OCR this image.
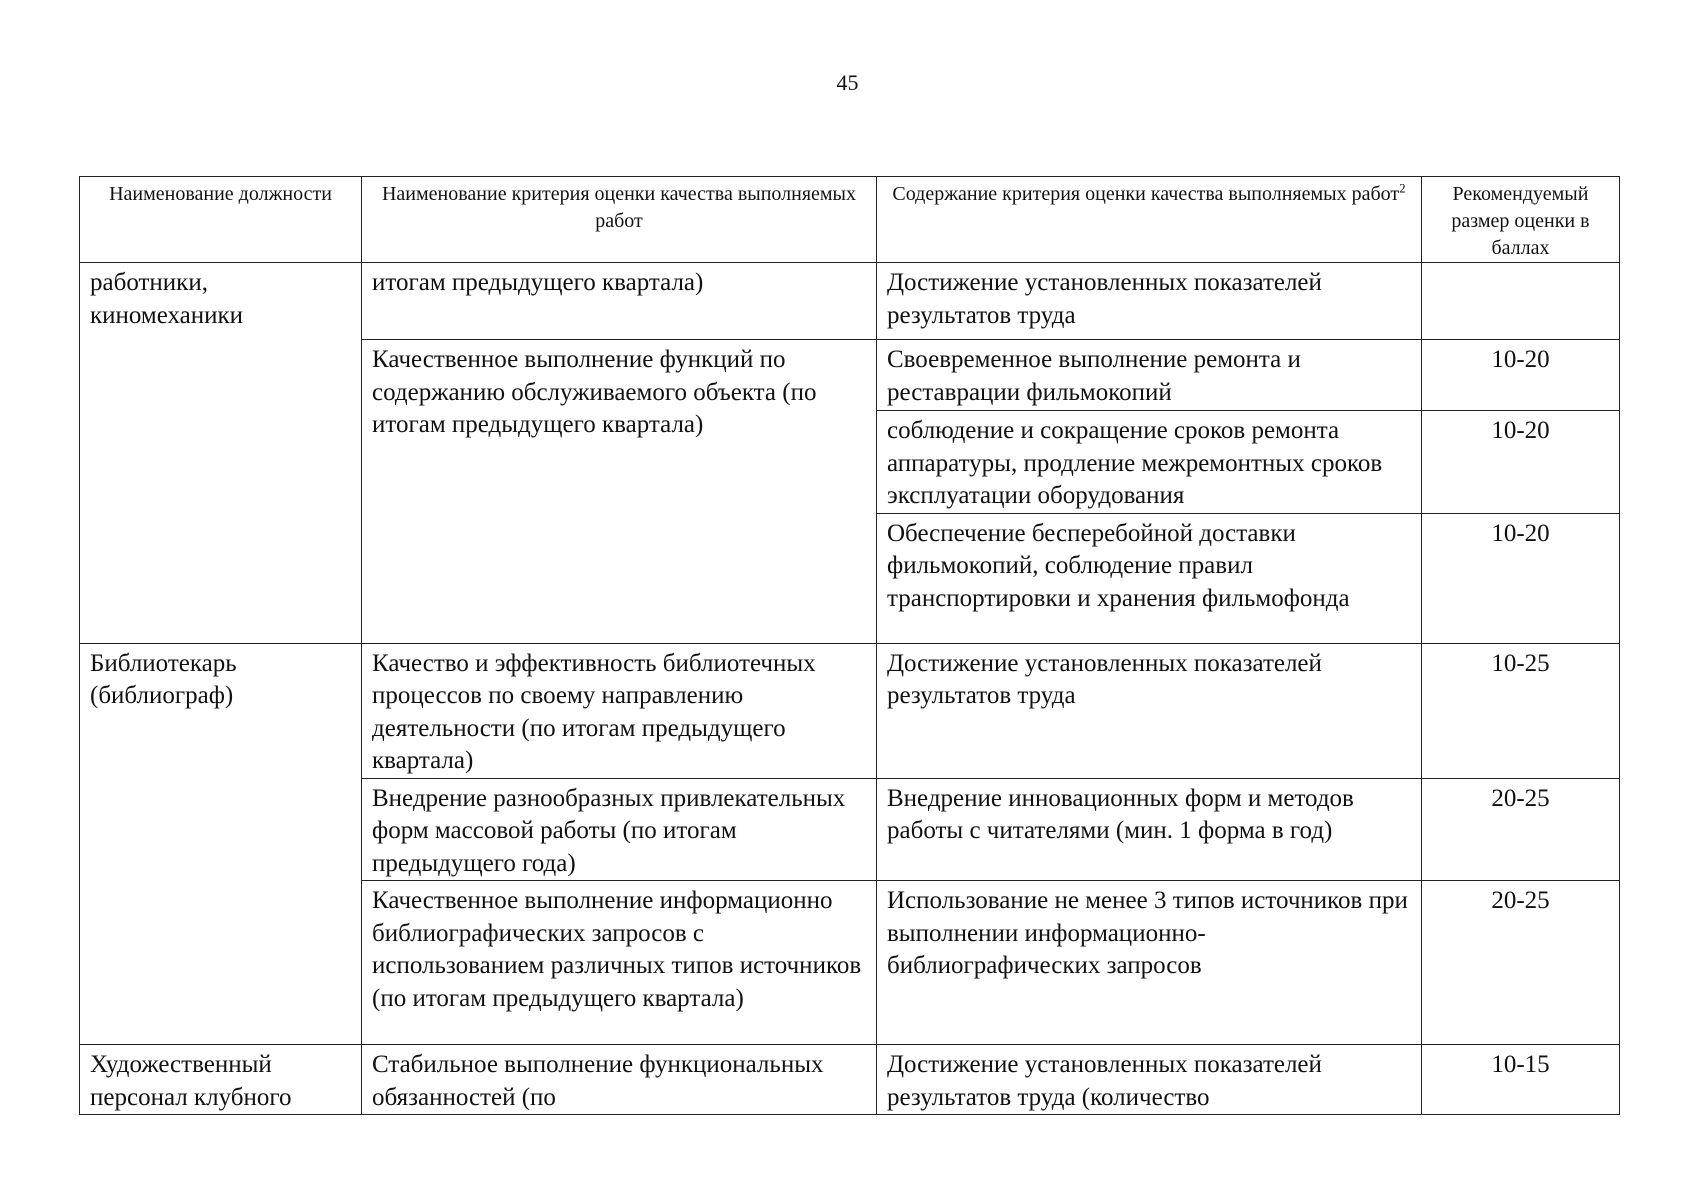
45
Наименование должности	Наименование критерия оценки качества выполняемых работ	Содержание критерия оценки качества выполняемых работ$^2$	Рекомендуемый размер оценки в баллах
работники, киномеханики	итогам предыдущего квартала)	Достижение установленных показателей результатов труда	
	Качественное выполнение функций по содержанию обслуживаемого объекта (по итогам предыдущего квартала)	Своевременное выполнение ремонта и реставрации фильмокопий	10-20
		соблюдение и сокращение сроков ремонта аппаратуры, продление межремонтных сроков эксплуатации оборудования	10-20
		Обеспечение бесперебойной доставки фильмокопий, соблюдение правил транспортировки и хранения фильмофонда	10-20
Библиотекарь (библиограф)	Качество и эффективность библиотечных процессов по своему направлению деятельности (по итогам предыдущего квартала)	Достижение установленных показателей результатов труда	10-25
	Внедрение разнообразных привлекательных форм массовой работы (по итогам предыдущего года)	Внедрение инновационных форм и методов работы с читателями (мин. 1 форма в год)	20-25
	Качественное выполнение информационно библиографических запросов с использованием различных типов источников (по итогам предыдущего квартала)	Использование не менее 3 типов источников при выполнении информационно-библиографических запросов	20-25
Художественный персонал клубного	Стабильное выполнение функциональных обязанностей (по	Достижение установленных показателей результатов труда (количество	10-15
